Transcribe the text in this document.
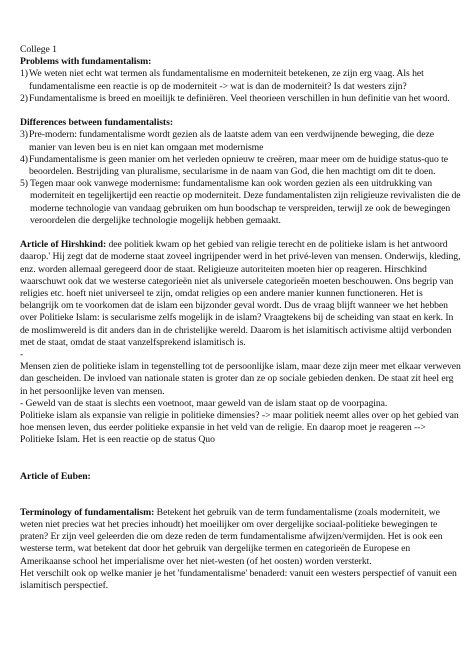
College 1

Problems with fundamentalism:

1) We weten niet echt wat termen als fundamentalisme en moderniteit betekenen, ze zijn erg vaag. Als het fundamentalisme een reactie is op de moderniteit -> wat is dan de moderniteit? Is dat westers zijn?
2) Fundamentalisme is breed en moeilijk te definiëren. Veel theorieen verschillen in hun definitie van het woord.

Differences between fundamentalists:

3) Pre-modern: fundamentalisme wordt gezien als de laatste adem van een verdwijnende beweging, die deze manier van leven beu is en niet kan omgaan met modernisme
4) Fundamentalisme is geen manier om het verleden opnieuw te creëren, maar meer om de huidige status-quo te beoordelen. Bestrijding van pluralisme, secularisme in de naam van God, die hen machtigt om dit te doen.
5) Tegen maar ook vanwege modernisme: fundamentalisme kan ook worden gezien als een uitdrukking van moderniteit en tegelijkertijd een reactie op moderniteit. Deze fundamentalisten zijn religieuze revivalisten die de moderne technologie van vandaag gebruiken om hun boodschap te verspreiden, terwijl ze ook de bewegingen veroordelen die dergelijke technologie mogelijk hebben gemaakt.

Article of Hirshkind: dee politiek kwam op het gebied van religie terecht en de politieke islam is het antwoord daarop.' Hij zegt dat de moderne staat zoveel ingrijpender werd in het privé-leven van mensen. Onderwijs, kleding, enz. worden allemaal geregeerd door de staat. Religieuze autoriteiten moeten hier op reageren. Hirschkind waarschuwt ook dat we westerse categorieën niet als universele categorieën moeten beschouwen. Ons begrip van religies etc. hoeft niet universeel te zijn, omdat religies op een andere manier kunnen functioneren. Het is belangrijk om te voorkomen dat de islam een bijzonder geval wordt. Dus de vraag blijft wanneer we het hebben over Politieke Islam: is secularisme zelfs mogelijk in de islam? Vraagtekens bij de scheiding van staat en kerk. In de moslimwereld is dit anders dan in de christelijke wereld. Daarom is het islamitisch activisme altijd verbonden met de staat, omdat de staat vanzelfsprekend islamitisch is.

-

Mensen zien de politieke islam in tegenstelling tot de persoonlijke islam, maar deze zijn meer met elkaar verweven dan gescheiden. De invloed van nationale staten is groter dan ze op sociale gebieden denken. De staat zit heel erg in het persoonlijke leven van mensen.

- Geweld van de staat is slechts een voetnoot, maar geweld van de islam staat op de voorpagina.

Politieke islam als expansie van religie in politieke dimensies? -> maar politiek neemt alles over op het gebied van hoe mensen leven, dus eerder politieke expansie in het veld van de religie. En daarop moet je reageren --> Politieke Islam. Het is een reactie op de status Quo

Article of Euben:

Terminology of fundamentalism: Betekent het gebruik van de term fundamentalisme (zoals moderniteit, we weten niet precies wat het precies inhoudt) het moeilijker om over dergelijke sociaal-politieke bewegingen te praten? Er zijn veel geleerden die om deze reden de term fundamentalisme afwijzen/vermijden. Het is ook een westerse term, wat betekent dat door het gebruik van dergelijke termen en categorieën de Europese en Amerikaanse school het imperialisme over het niet-westen (of het oosten) worden versterkt.

Het verschilt ook op welke manier je het 'fundamentalisme' benaderd: vanuit een westers perspectief of vanuit een islamitisch perspectief.
